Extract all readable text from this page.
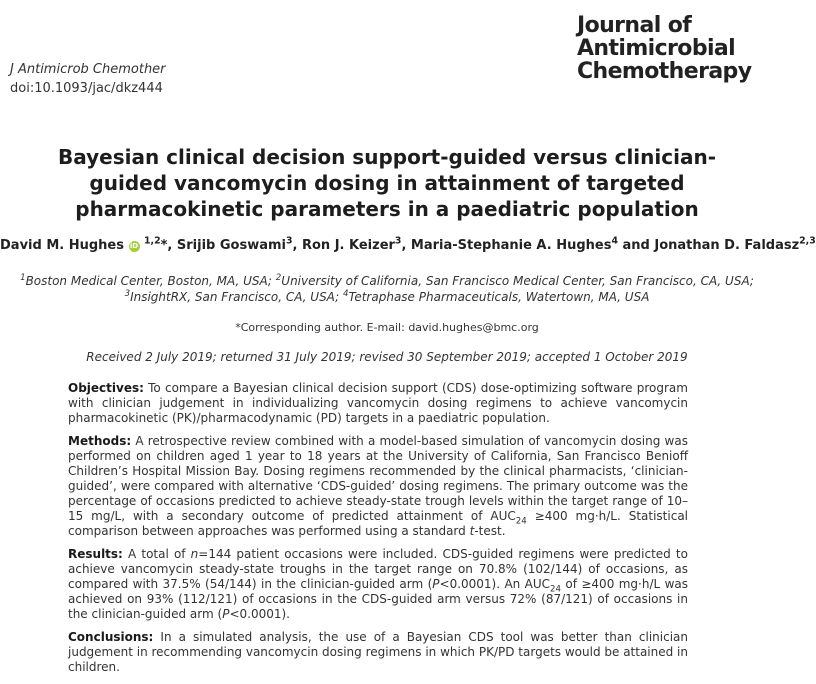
J Antimicrob Chemother
doi:10.1093/jac/dkz444
Journal of
Antimicrobial
Chemotherapy
Bayesian clinical decision support-guided versus clinician-guided vancomycin dosing in attainment of targeted pharmacokinetic parameters in a paediatric population
David M. Hughes iD $^{1,2}$*, Srijib Goswami$^3$, Ron J. Keizer$^3$, Maria-Stephanie A. Hughes$^4$ and Jonathan D. Faldasz$^{2,3}$
$^1$Boston Medical Center, Boston, MA, USA; $^2$University of California, San Francisco Medical Center, San Francisco, CA, USA; $^3$InsightRX, San Francisco, CA, USA; $^4$Tetraphase Pharmaceuticals, Watertown, MA, USA
*Corresponding author. E-mail: david.hughes@bmc.org
Received 2 July 2019; returned 31 July 2019; revised 30 September 2019; accepted 1 October 2019

Objectives: To compare a Bayesian clinical decision support (CDS) dose-optimizing software program with clinician judgement in individualizing vancomycin dosing regimens to achieve vancomycin pharmacokinetic (PK)/pharmacodynamic (PD) targets in a paediatric population.

Methods: A retrospective review combined with a model-based simulation of vancomycin dosing was performed on children aged 1 year to 18 years at the University of California, San Francisco Benioff Children’s Hospital Mission Bay. Dosing regimens recommended by the clinical pharmacists, ‘clinician-guided’, were compared with alternative ‘CDS-guided’ dosing regimens. The primary outcome was the percentage of occasions predicted to achieve steady-state trough levels within the target range of 10–15 mg/L, with a secondary outcome of predicted attainment of $AUC_{24} \ge 400$ mg·h/L. Statistical comparison between approaches was performed using a standard t-test.

Results: A total of n=144 patient occasions were included. CDS-guided regimens were predicted to achieve vancomycin steady-state troughs in the target range on 70.8% (102/144) of occasions, as compared with 37.5% (54/144) in the clinician-guided arm (P<0.0001). An $AUC_{24}$ of ≥400 mg·h/L was achieved on 93% (112/121) of occasions in the CDS-guided arm versus 72% (87/121) of occasions in the clinician-guided arm (P<0.0001).

Conclusions: In a simulated analysis, the use of a Bayesian CDS tool was better than clinician judgement in recommending vancomycin dosing regimens in which PK/PD targets would be attained in children.
